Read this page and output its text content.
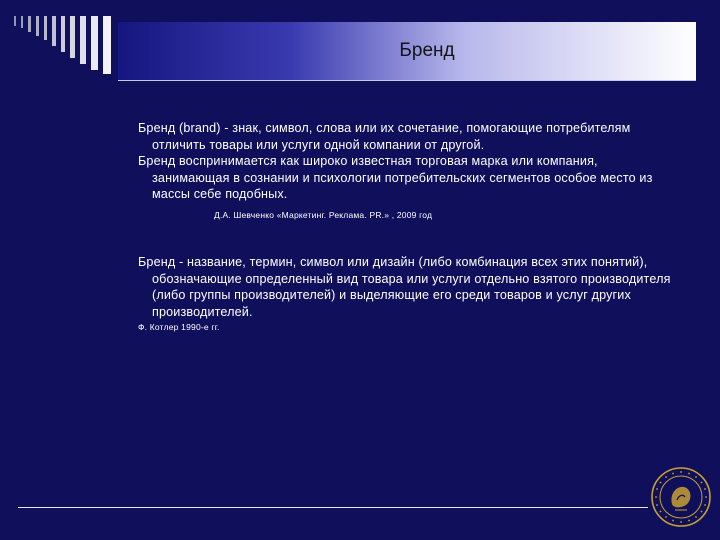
Бренд

Бренд (brand) - знак, символ, слова или их сочетание, помогающие потребителям отличить товары или услуги одной компании от другой.

Бренд воспринимается как широко известная торговая марка или компания, занимающая в сознании и психологии потребительских сегментов особое место из массы себе подобных.

Д.А. Шевченко «Маркетинг. Реклама. PR.» , 2009 год

Бренд - название, термин, символ или дизайн (либо комбинация всех этих понятий), обозначающие определенный вид товара или услуги отдельно взятого производителя (либо группы производителей) и выделяющие его среди товаров и услуг других производителей.

Ф. Котлер 1990-е гг.
